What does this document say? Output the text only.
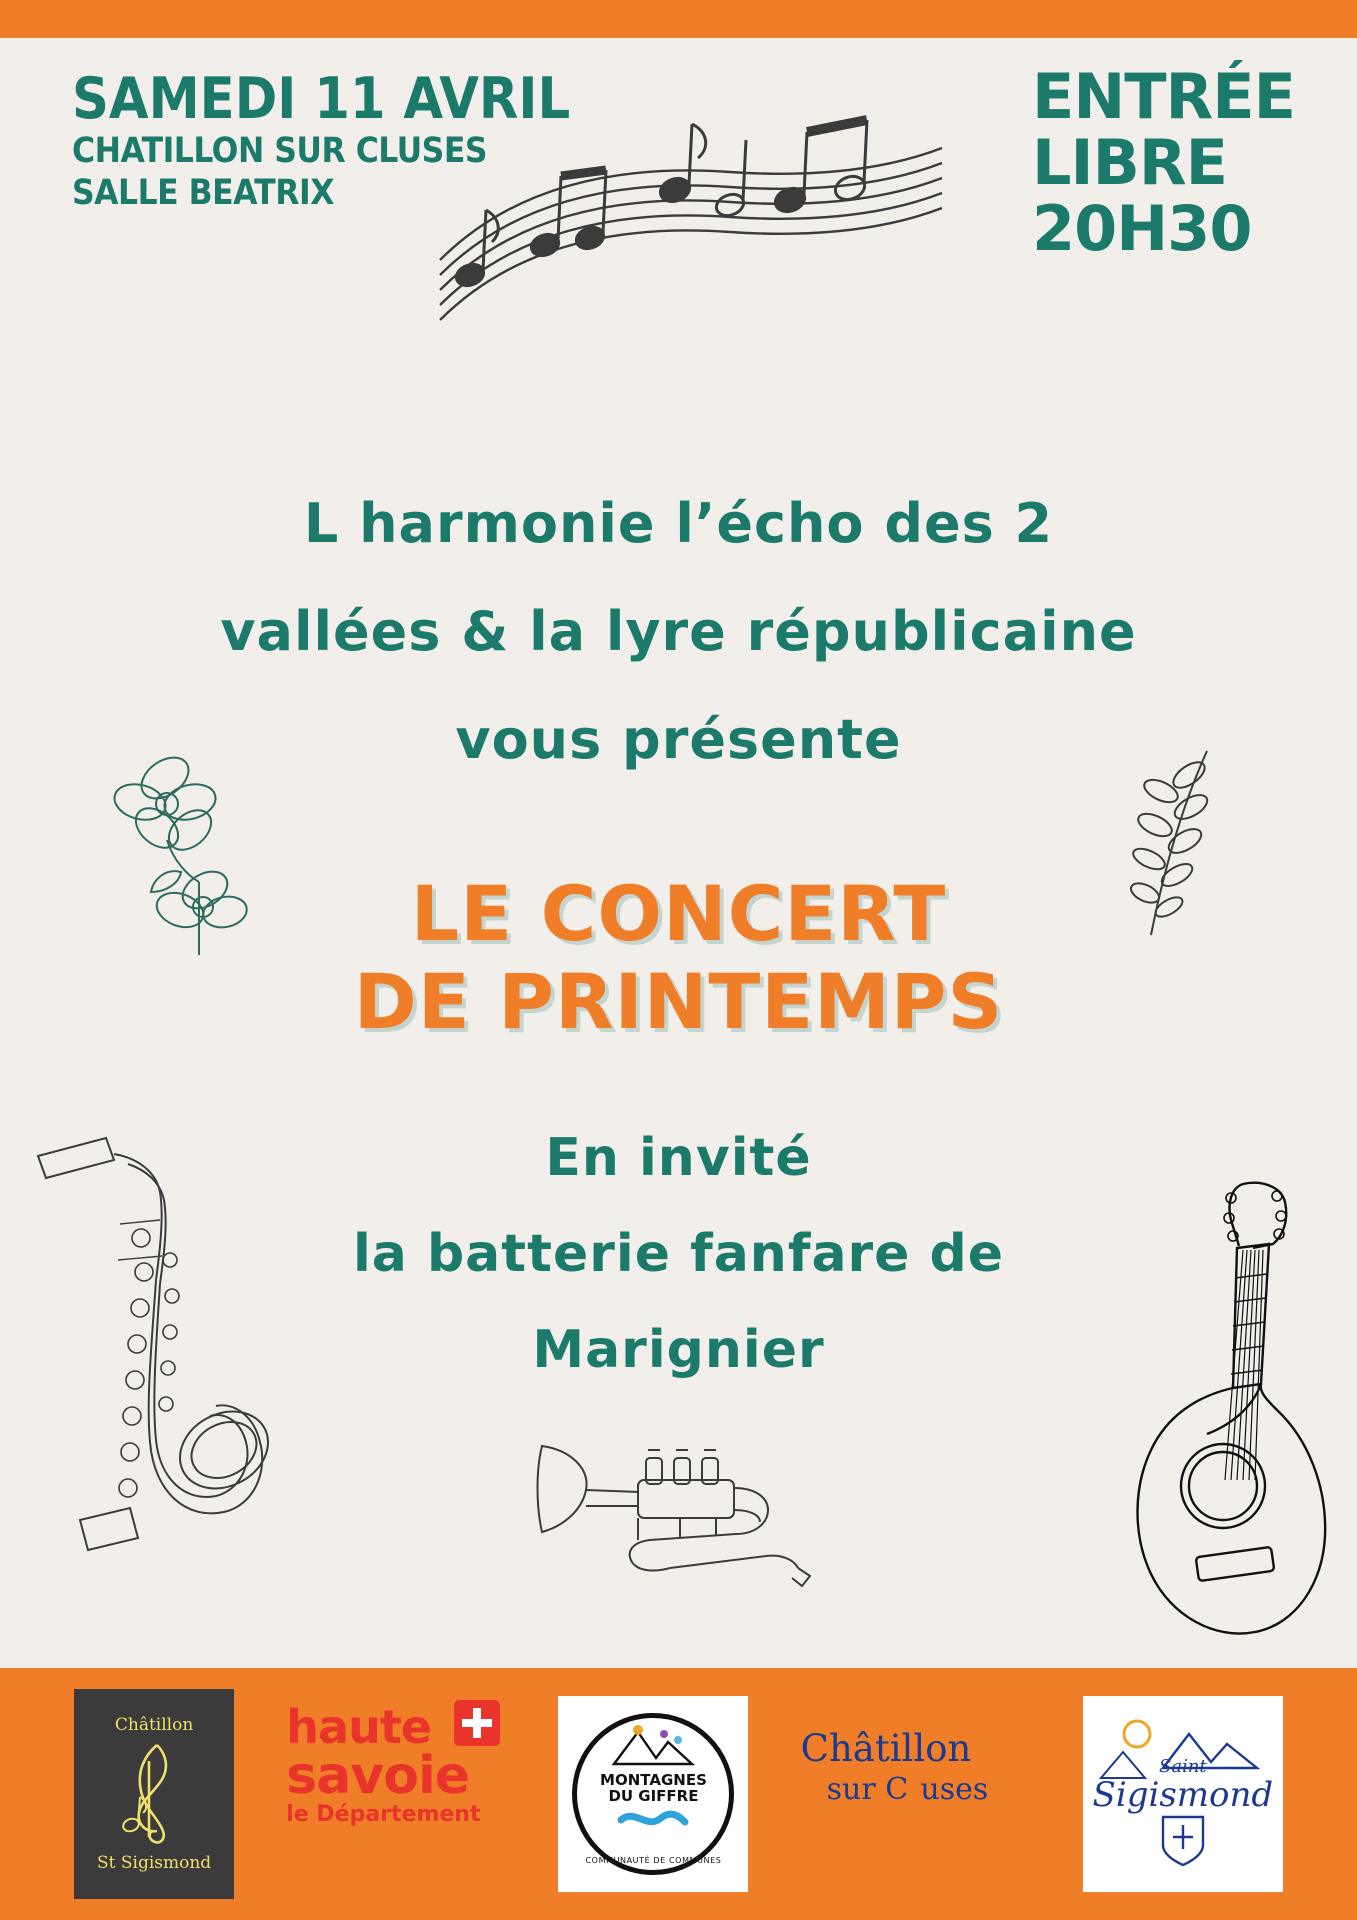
SAMEDI 11 AVRIL
CHATILLON SUR CLUSES
SALLE BEATRIX
ENTRÉE
LIBRE
20H30
L harmonie l’écho des 2
vallées & la lyre républicaine
vous présente
LE CONCERT
DE PRINTEMPS
En invité
la batterie fanfare de
Marignier
Châtillon
St Sigismond
haute
savoie
le Département
MONTAGNES
DU GIFFRE
COMMUNAUTÉ DE COMMUNES
Châtillon
sur Cluses
Saint
Sigismond
